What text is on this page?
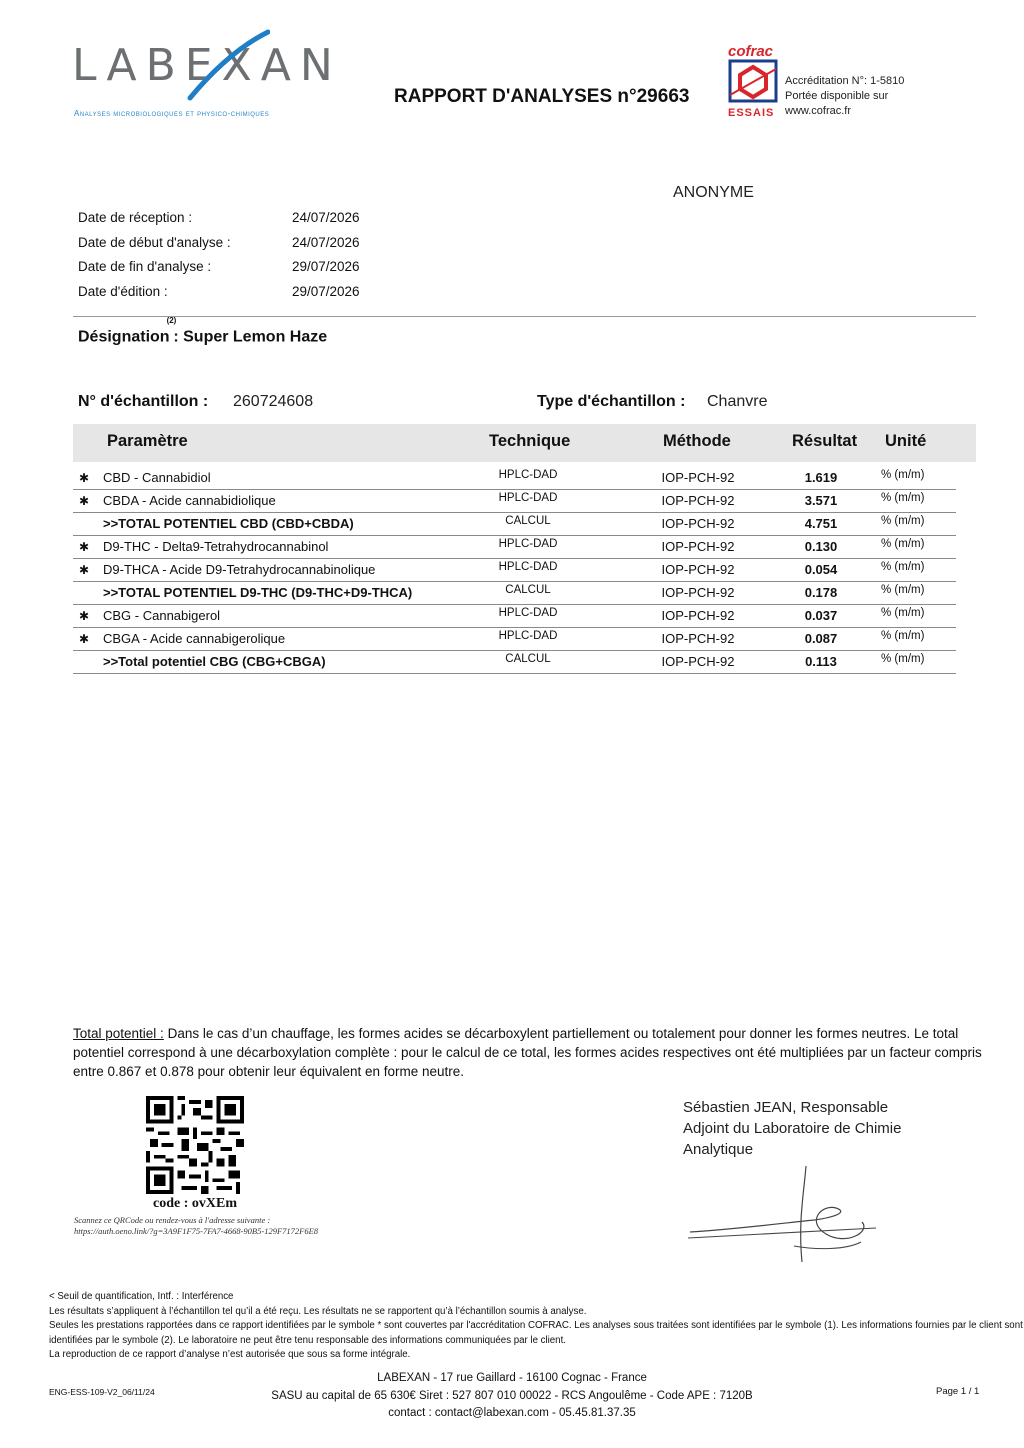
LABEXAN
Analyses microbiologiques et physico-chimiques
RAPPORT D'ANALYSES n°29663
cofrac
ESSAIS
Accréditation N°: 1-5810
Portée disponible sur
www.cofrac.fr
ANONYME
Date de réception :	24/07/2026
Date de début d'analyse :	24/07/2026
Date de fin d'analyse :	29/07/2026
Date d'édition :	29/07/2026
Désignation$^{(2)}$: Super Lemon Haze
N° d'échantillon : 260724608	Type d'échantillon : Chanvre
Paramètre	Technique	Méthode	Résultat Unité
✱ CBD - Cannabidiol	HPLC-DAD	IOP-PCH-92	1.619	% (m/m)
✱ CBDA - Acide cannabidiolique	HPLC-DAD	IOP-PCH-92	3.571	% (m/m)
>>TOTAL POTENTIEL CBD (CBD+CBDA)	CALCUL	IOP-PCH-92	4.751	% (m/m)
✱ D9-THC - Delta9-Tetrahydrocannabinol	HPLC-DAD	IOP-PCH-92	0.130	% (m/m)
✱ D9-THCA - Acide D9-Tetrahydrocannabinolique	HPLC-DAD	IOP-PCH-92	0.054	% (m/m)
>>TOTAL POTENTIEL D9-THC (D9-THC+D9-THCA)	CALCUL	IOP-PCH-92	0.178	% (m/m)
✱ CBG - Cannabigerol	HPLC-DAD	IOP-PCH-92	0.037	% (m/m)
✱ CBGA - Acide cannabigerolique	HPLC-DAD	IOP-PCH-92	0.087	% (m/m)
>>Total potentiel CBG (CBG+CBGA)	CALCUL	IOP-PCH-92	0.113	% (m/m)
Total potentiel : Dans le cas d’un chauffage, les formes acides se décarboxylent partiellement ou totalement pour donner les formes neutres. Le total potentiel correspond à une décarboxylation complète : pour le calcul de ce total, les formes acides respectives ont été multipliées par un facteur compris entre 0.867 et 0.878 pour obtenir leur équivalent en forme neutre.
code : ovXEm
Scannez ce QRCode ou rendez-vous à l'adresse suivante :
https://auth.oeno.link/?g=3A9F1F75-7FA7-4668-90B5-129F7172F6E8
Sébastien JEAN, Responsable
Adjoint du Laboratoire de Chimie
Analytique
< Seuil de quantification, Intf. : Interférence
Les résultats s’appliquent à l’échantillon tel qu’il a été reçu. Les résultats ne se rapportent qu’à l’échantillon soumis à analyse.
Seules les prestations rapportées dans ce rapport identifiées par le symbole * sont couvertes par l'accréditation COFRAC. Les analyses sous traitées sont identifiées par le symbole (1). Les informations fournies par le client sont identifiées par le symbole (2). Le laboratoire ne peut être tenu responsable des informations communiquées par le client.
La reproduction de ce rapport d’analyse n’est autorisée que sous sa forme intégrale.
LABEXAN - 17 rue Gaillard - 16100 Cognac - France
SASU au capital de 65 630€ Siret : 527 807 010 00022 - RCS Angoulême - Code APE : 7120B
contact : contact@labexan.com - 05.45.81.37.35
ENG-ESS-109-V2_06/11/24	Page 1 / 1
